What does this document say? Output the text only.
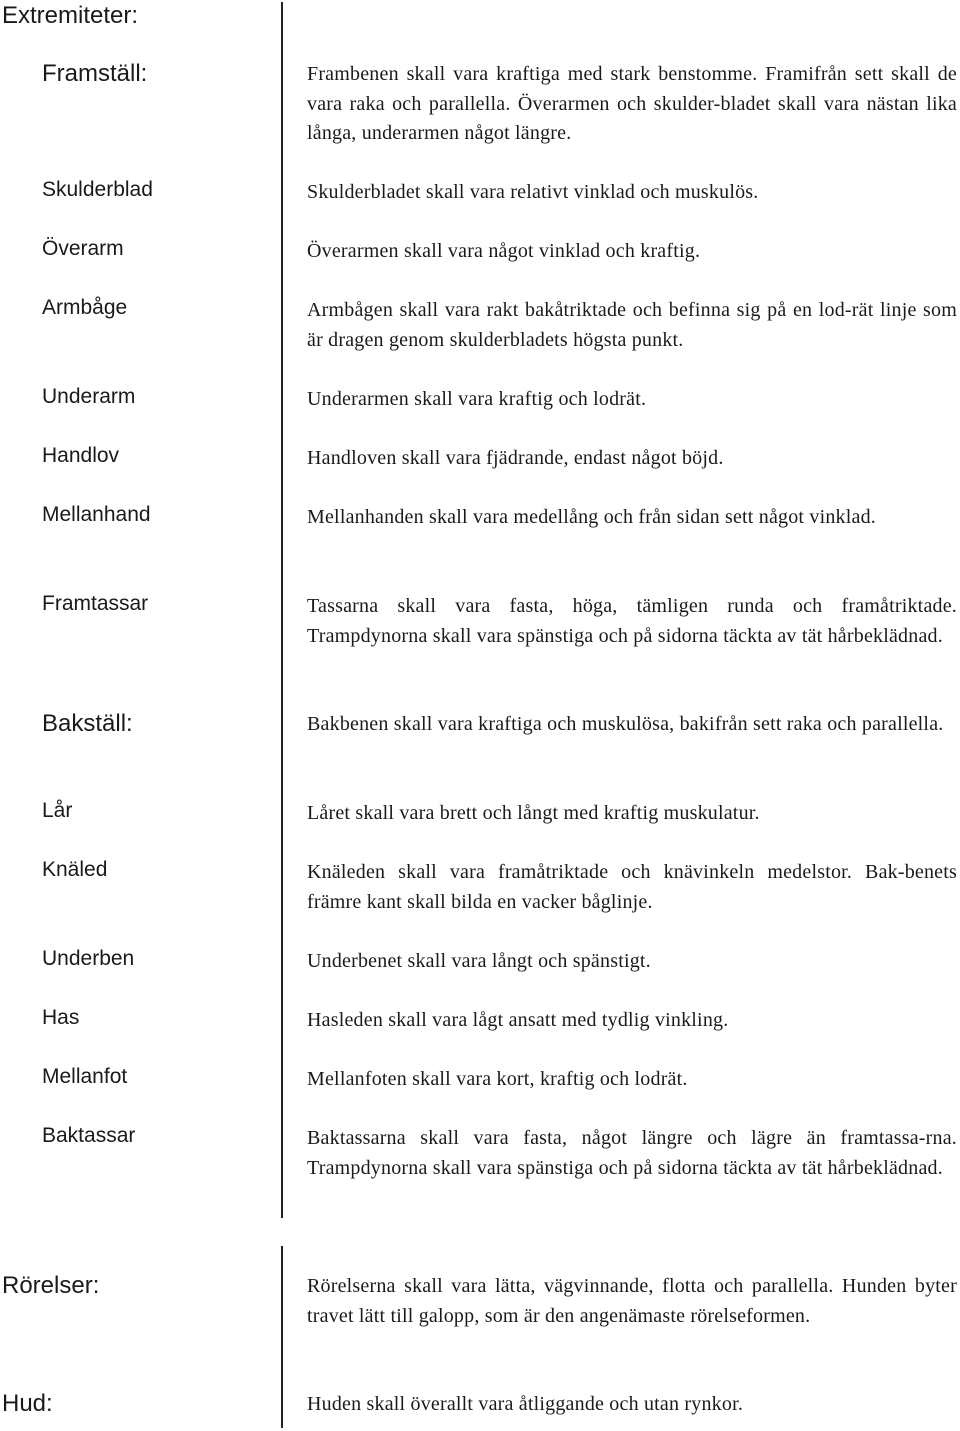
Extremiteter:
Framställ:	Frambenen skall vara kraftiga med stark benstomme. Framifrån sett skall de vara raka och parallella. Överarmen och skulder-bladet skall vara nästan lika långa, underarmen något längre.
Skulderblad	Skulderbladet skall vara relativt vinklad och muskulös.
Överarm	Överarmen skall vara något vinklad och kraftig.
Armbåge	Armbågen skall vara rakt bakåtriktade och befinna sig på en lod-rät linje som är dragen genom skulderbladets högsta punkt.
Underarm	Underarmen skall vara kraftig och lodrät.
Handlov	Handloven skall vara fjädrande, endast något böjd.
Mellanhand	Mellanhanden skall vara medellång och från sidan sett något vinklad.
Framtassar	Tassarna skall vara fasta, höga, tämligen runda och framåtriktade. Trampdynorna skall vara spänstiga och på sidorna täckta av tät hårbeklädnad.
Bakställ:	Bakbenen skall vara kraftiga och muskulösa, bakifrån sett raka och parallella.
Lår	Låret skall vara brett och långt med kraftig muskulatur.
Knäled	Knäleden skall vara framåtriktade och knävinkeln medelstor. Bak-benets främre kant skall bilda en vacker båglinje.
Underben	Underbenet skall vara långt och spänstigt.
Has	Hasleden skall vara lågt ansatt med tydlig vinkling.
Mellanfot	Mellanfoten skall vara kort, kraftig och lodrät.
Baktassar	Baktassarna skall vara fasta, något längre och lägre än framtassa-rna. Trampdynorna skall vara spänstiga och på sidorna täckta av tät hårbeklädnad.
Rörelser:	Rörelserna skall vara lätta, vägvinnande, flotta och parallella. Hunden byter travet lätt till galopp, som är den angenämaste rörelseformen.
Hud:	Huden skall överallt vara åtliggande och utan rynkor.
